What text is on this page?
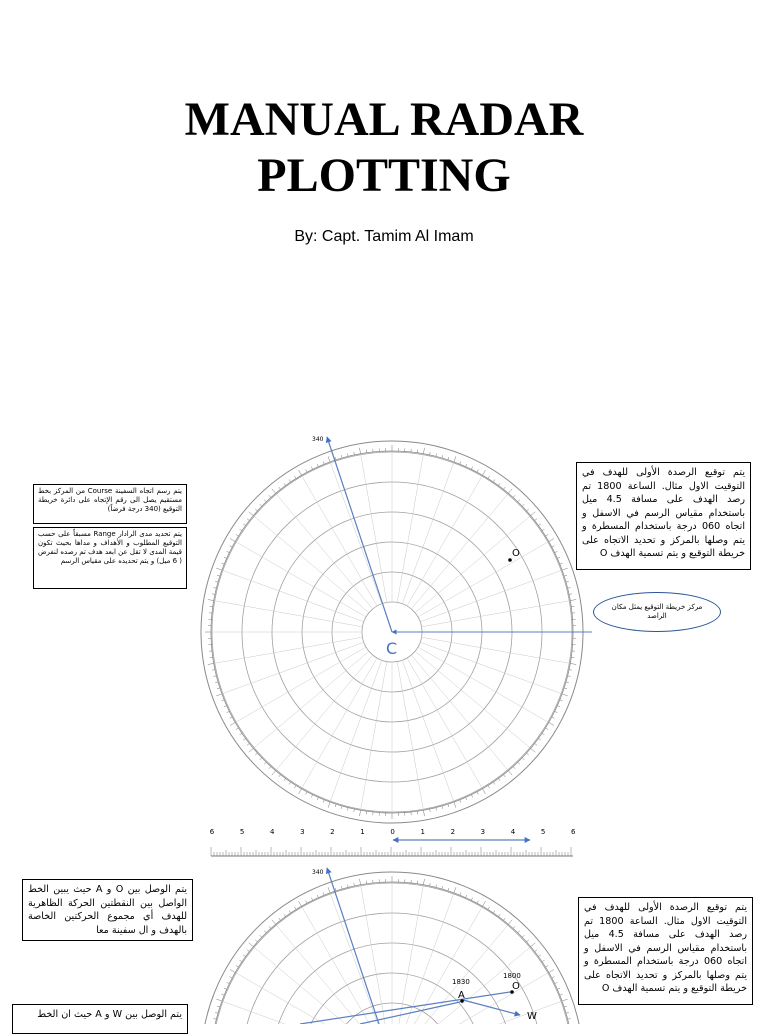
MANUAL RADAR
PLOTTING
By: Capt. Tamim Al Imam
340
C
O
6	5	4	3	2	1	0	1	2	3	4	5	6
340
1830
1800
A
O
W
يتم رسم اتجاه السفينة Course من المركز بخط مستقيم يصل الى رقم الإتجاه على دائرة خريطة التوقيع (340 درجة فرضاً)
يتم تحديد مدى الرادار Range مسبقاً على حسب التوقيع المطلوب و الأهداف و مداها بحيث تكون قيمة المدى لا تقل عن ابعد هدف تم رصده لنفرض ( 6 ميل) و يتم تحديده على مقياس الرسم
يتم توقيع الرصدة الأولى للهدف في التوقيت الاول مثال. الساعة 1800 تم رصد الهدف على مسافة 4.5 ميل باستخدام مقياس الرسم في الاسفل و اتجاه 060 درجة باستخدام المسطرة و يتم وصلها بالمركز و تحديد الاتجاه على خريطة التوقيع و يتم تسمية الهدف O
مركز خريطة التوقيع يمثل مكان الراصد
يتم الوصل بين O و A حيث يبين الخط الواصل بين النقطتين الحركة الظاهرية للهدف أي مجموع الحركتين الخاصة بالهدف و ال سفينة معا
يتم توقيع الرصدة الأولى للهدف في التوقيت الاول مثال. الساعة 1800 تم رصد الهدف على مسافة 4.5 ميل باستخدام مقياس الرسم في الاسفل و اتجاه 060 درجة باستخدام المسطرة و يتم وصلها بالمركز و تحديد الاتجاه على خريطة التوقيع و يتم تسمية الهدف O
يتم الوصل بين W و A حيث ان الخط
